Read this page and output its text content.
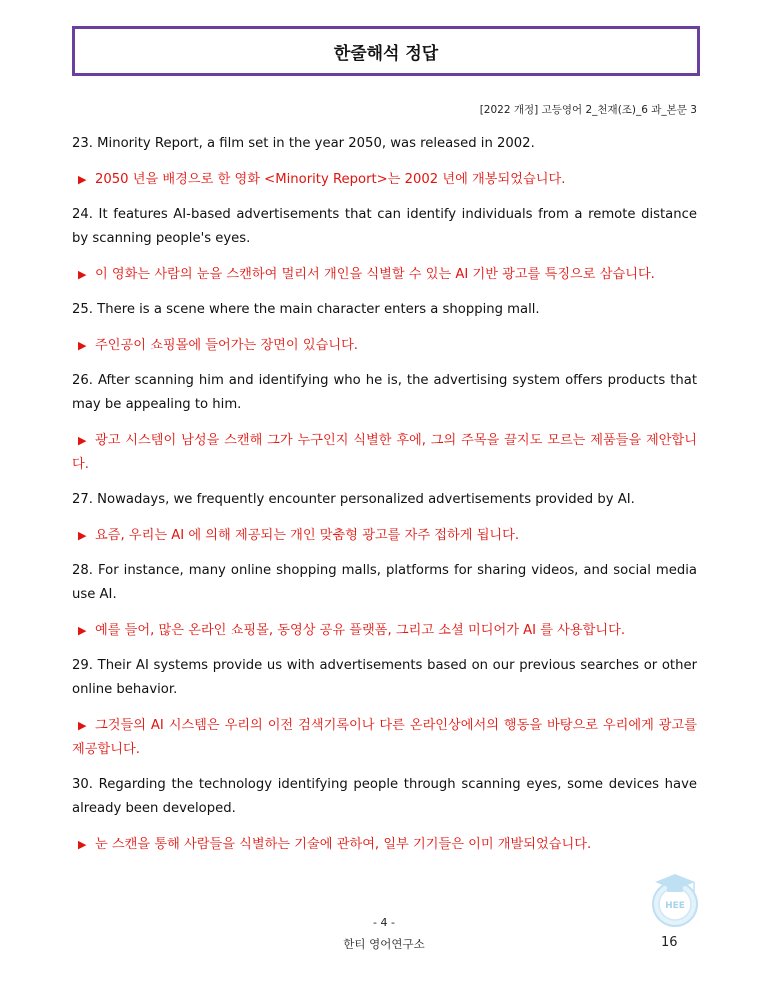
한줄해석 정답
[2022 개정] 고등영어 2_천재(조)_6 과_본문 3

23. Minority Report, a film set in the year 2050, was released in 2002.

▶ 2050 년을 배경으로 한 영화 <Minority Report>는 2002 년에 개봉되었습니다.

24. It features AI-based advertisements that can identify individuals from a remote distance by scanning people's eyes.

▶ 이 영화는 사람의 눈을 스캔하여 멀리서 개인을 식별할 수 있는 AI 기반 광고를 특징으로 삼습니다.

25. There is a scene where the main character enters a shopping mall.

▶ 주인공이 쇼핑몰에 들어가는 장면이 있습니다.

26. After scanning him and identifying who he is, the advertising system offers products that may be appealing to him.

▶ 광고 시스템이 남성을 스캔해 그가 누구인지 식별한 후에, 그의 주목을 끌지도 모르는 제품들을 제안합니다.

27. Nowadays, we frequently encounter personalized advertisements provided by AI.

▶ 요즘, 우리는 AI 에 의해 제공되는 개인 맞춤형 광고를 자주 접하게 됩니다.

28. For instance, many online shopping malls, platforms for sharing videos, and social media use AI.

▶ 예를 들어, 많은 온라인 쇼핑몰, 동영상 공유 플랫폼, 그리고 소셜 미디어가 AI 를 사용합니다.

29. Their AI systems provide us with advertisements based on our previous searches or other online behavior.

▶ 그것들의 AI 시스템은 우리의 이전 검색기록이나 다른 온라인상에서의 행동을 바탕으로 우리에게 광고를 제공합니다.

30. Regarding the technology identifying people through scanning eyes, some devices have already been developed.

▶ 눈 스캔을 통해 사람들을 식별하는 기술에 관하여, 일부 기기들은 이미 개발되었습니다.

HEE
- 4 -
한티 영어연구소	16
